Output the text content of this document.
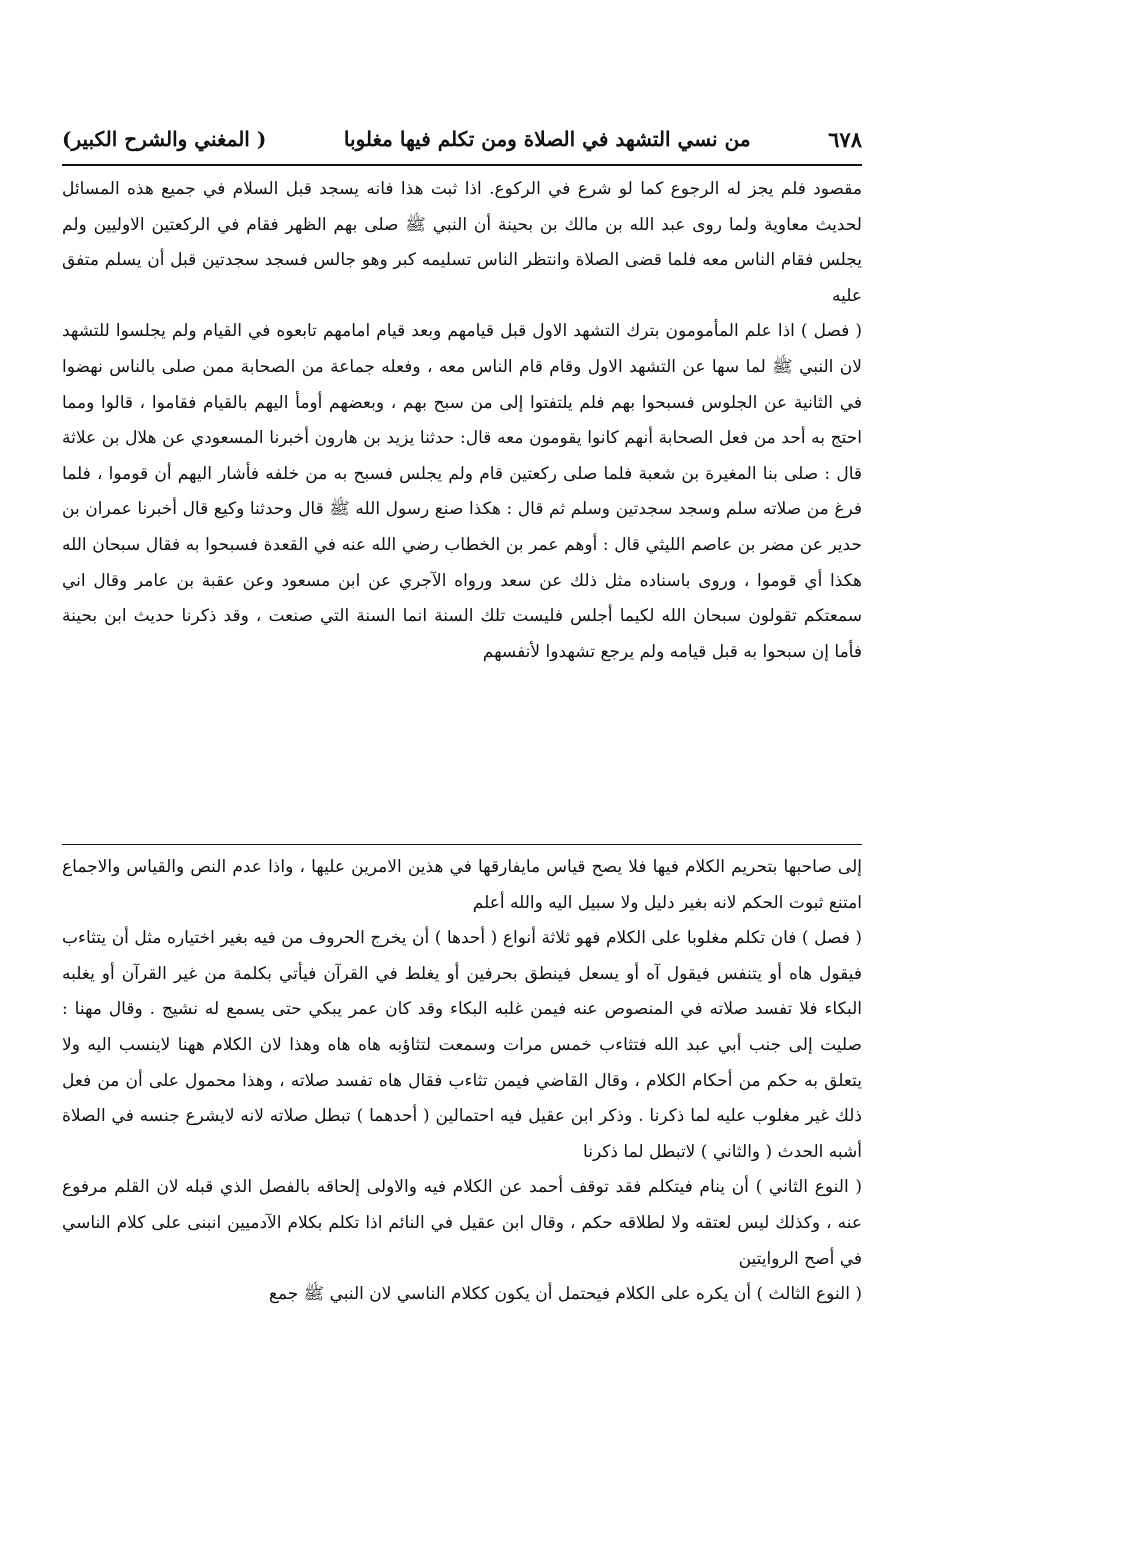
٦٧٨
من نسي التشهد في الصلاة ومن تكلم فيها مغلوبا
( المغني والشرح الكبير)

مقصود فلم يجز له الرجوع كما لو شرع في الركوع. اذا ثبت هذا فانه يسجد قبل السلام في جميع هذه المسائل لحديث معاوية ولما روى عبد الله بن مالك بن بحينة أن النبي ﷺ صلى بهم الظهر فقام في الركعتين الاوليين ولم يجلس فقام الناس معه فلما قضى الصلاة وانتظر الناس تسليمه كبر وهو جالس فسجد سجدتين قبل أن يسلم متفق عليه

( فصل ) اذا علم المأمومون بترك التشهد الاول قبل قيامهم وبعد قيام امامهم تابعوه في القيام ولم يجلسوا للتشهد لان النبي ﷺ لما سها عن التشهد الاول وقام قام الناس معه ، وفعله جماعة من الصحابة ممن صلى بالناس نهضوا في الثانية عن الجلوس فسبحوا بهم فلم يلتفتوا إلى من سبح بهم ، وبعضهم أومأ اليهم بالقيام فقاموا ، قالوا ومما احتج به أحد من فعل الصحابة أنهم كانوا يقومون معه قال: حدثنا يزيد بن هارون أخبرنا المسعودي عن هلال بن علاثة قال : صلى بنا المغيرة بن شعبة فلما صلى ركعتين قام ولم يجلس فسبح به من خلفه فأشار اليهم أن قوموا ، فلما فرغ من صلاته سلم وسجد سجدتين وسلم ثم قال : هكذا صنع رسول الله ﷺ قال وحدثنا وكيع قال أخبرنا عمران بن حدير عن مضر بن عاصم الليثي قال : أوهم عمر بن الخطاب رضي الله عنه في القعدة فسبحوا به فقال سبحان الله هكذا أي قوموا ، وروى باسناده مثل ذلك عن سعد ورواه الآجري عن ابن مسعود وعن عقبة بن عامر وقال اني سمعتكم تقولون سبحان الله لكيما أجلس فليست تلك السنة انما السنة التي صنعت ، وقد ذكرنا حديث ابن بحينة فأما إن سبحوا به قبل قيامه ولم يرجع تشهدوا لأنفسهم

إلى صاحبها بتحريم الكلام فيها فلا يصح قياس مايفارقها في هذين الامرين عليها ، واذا عدم النص والقياس والاجماع امتنع ثبوت الحكم لانه بغير دليل ولا سبيل اليه والله أعلم

( فصل ) فان تكلم مغلوبا على الكلام فهو ثلاثة أنواع ( أحدها ) أن يخرج الحروف من فيه بغير اختياره مثل أن يتثاءب فيقول هاه أو يتنفس فيقول آه أو يسعل فينطق بحرفين أو يغلط في القرآن فيأتي بكلمة من غير القرآن أو يغلبه البكاء فلا تفسد صلاته في المنصوص عنه فيمن غلبه البكاء وقد كان عمر يبكي حتى يسمع له نشيج . وقال مهنا : صليت إلى جنب أبي عبد الله فتثاءب خمس مرات وسمعت لتثاؤبه هاه هاه وهذا لان الكلام ههنا لاينسب اليه ولا يتعلق به حكم من أحكام الكلام ، وقال القاضي فيمن تثاءب فقال هاه تفسد صلاته ، وهذا محمول على أن من فعل ذلك غير مغلوب عليه لما ذكرنا . وذكر ابن عقيل فيه احتمالين ( أحدهما ) تبطل صلاته لانه لايشرع جنسه في الصلاة أشبه الحدث ( والثاني ) لاتبطل لما ذكرنا

( النوع الثاني ) أن ينام فيتكلم فقد توقف أحمد عن الكلام فيه والاولى إلحاقه بالفصل الذي قبله لان القلم مرفوع عنه ، وكذلك ليس لعتقه ولا لطلاقه حكم ، وقال ابن عقيل في النائم اذا تكلم بكلام الآدميين انبنى على كلام الناسي في أصح الروايتين

( النوع الثالث ) أن يكره على الكلام فيحتمل أن يكون ككلام الناسي لان النبي ﷺ جمع
